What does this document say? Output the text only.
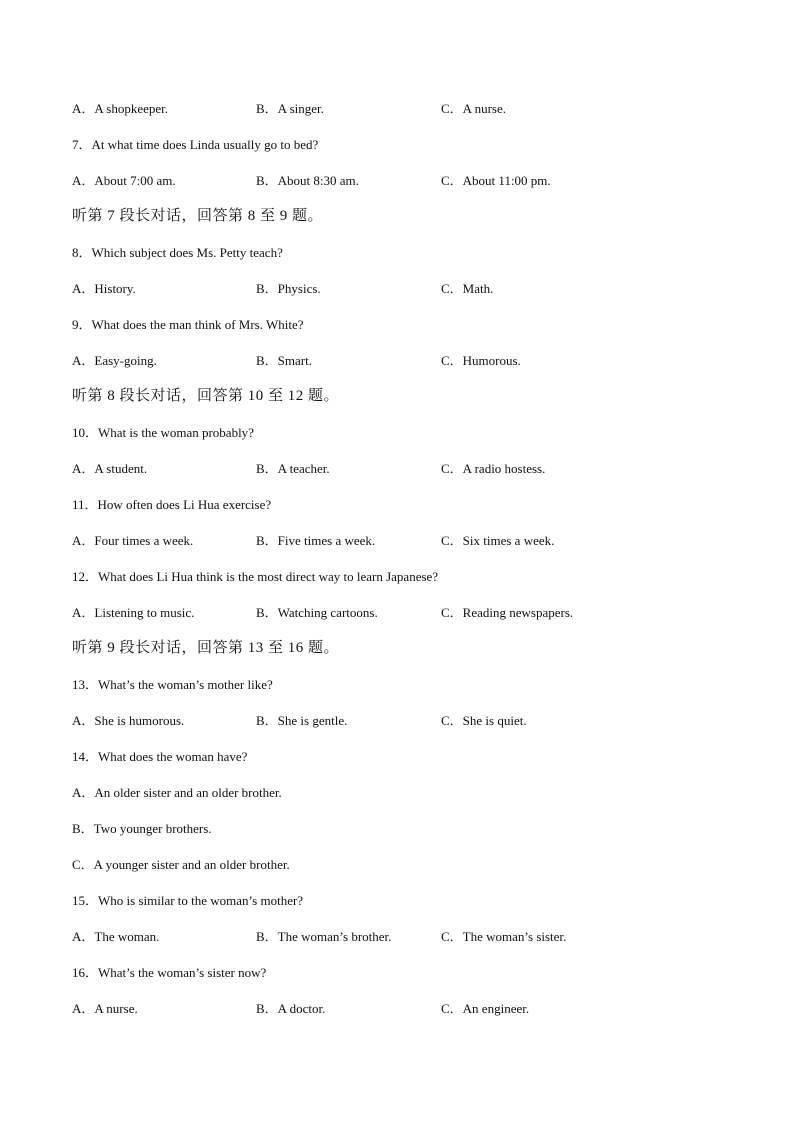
A．A shopkeeper.	B．A singer.	C．A nurse.
7．At what time does Linda usually go to bed?
A．About 7:00 am.	B．About 8:30 am.	C．About 11:00 pm.
听第 7 段长对话，回答第 8 至 9 题。
8．Which subject does Ms. Petty teach?
A．History.	B．Physics.	C．Math.
9．What does the man think of Mrs. White?
A．Easy-going.	B．Smart.	C．Humorous.
听第 8 段长对话，回答第 10 至 12 题。
10．What is the woman probably?
A．A student.	B．A teacher.	C．A radio hostess.
11．How often does Li Hua exercise?
A．Four times a week.	B．Five times a week.	C．Six times a week.
12．What does Li Hua think is the most direct way to learn Japanese?
A．Listening to music.	B．Watching cartoons.	C．Reading newspapers.
听第 9 段长对话，回答第 13 至 16 题。
13．What’s the woman’s mother like?
A．She is humorous.	B．She is gentle.	C．She is quiet.
14．What does the woman have?
A．An older sister and an older brother.
B．Two younger brothers.
C．A younger sister and an older brother.
15．Who is similar to the woman’s mother?
A．The woman.	B．The woman’s brother.	C．The woman’s sister.
16．What’s the woman’s sister now?
A．A nurse.	B．A doctor.	C．An engineer.
